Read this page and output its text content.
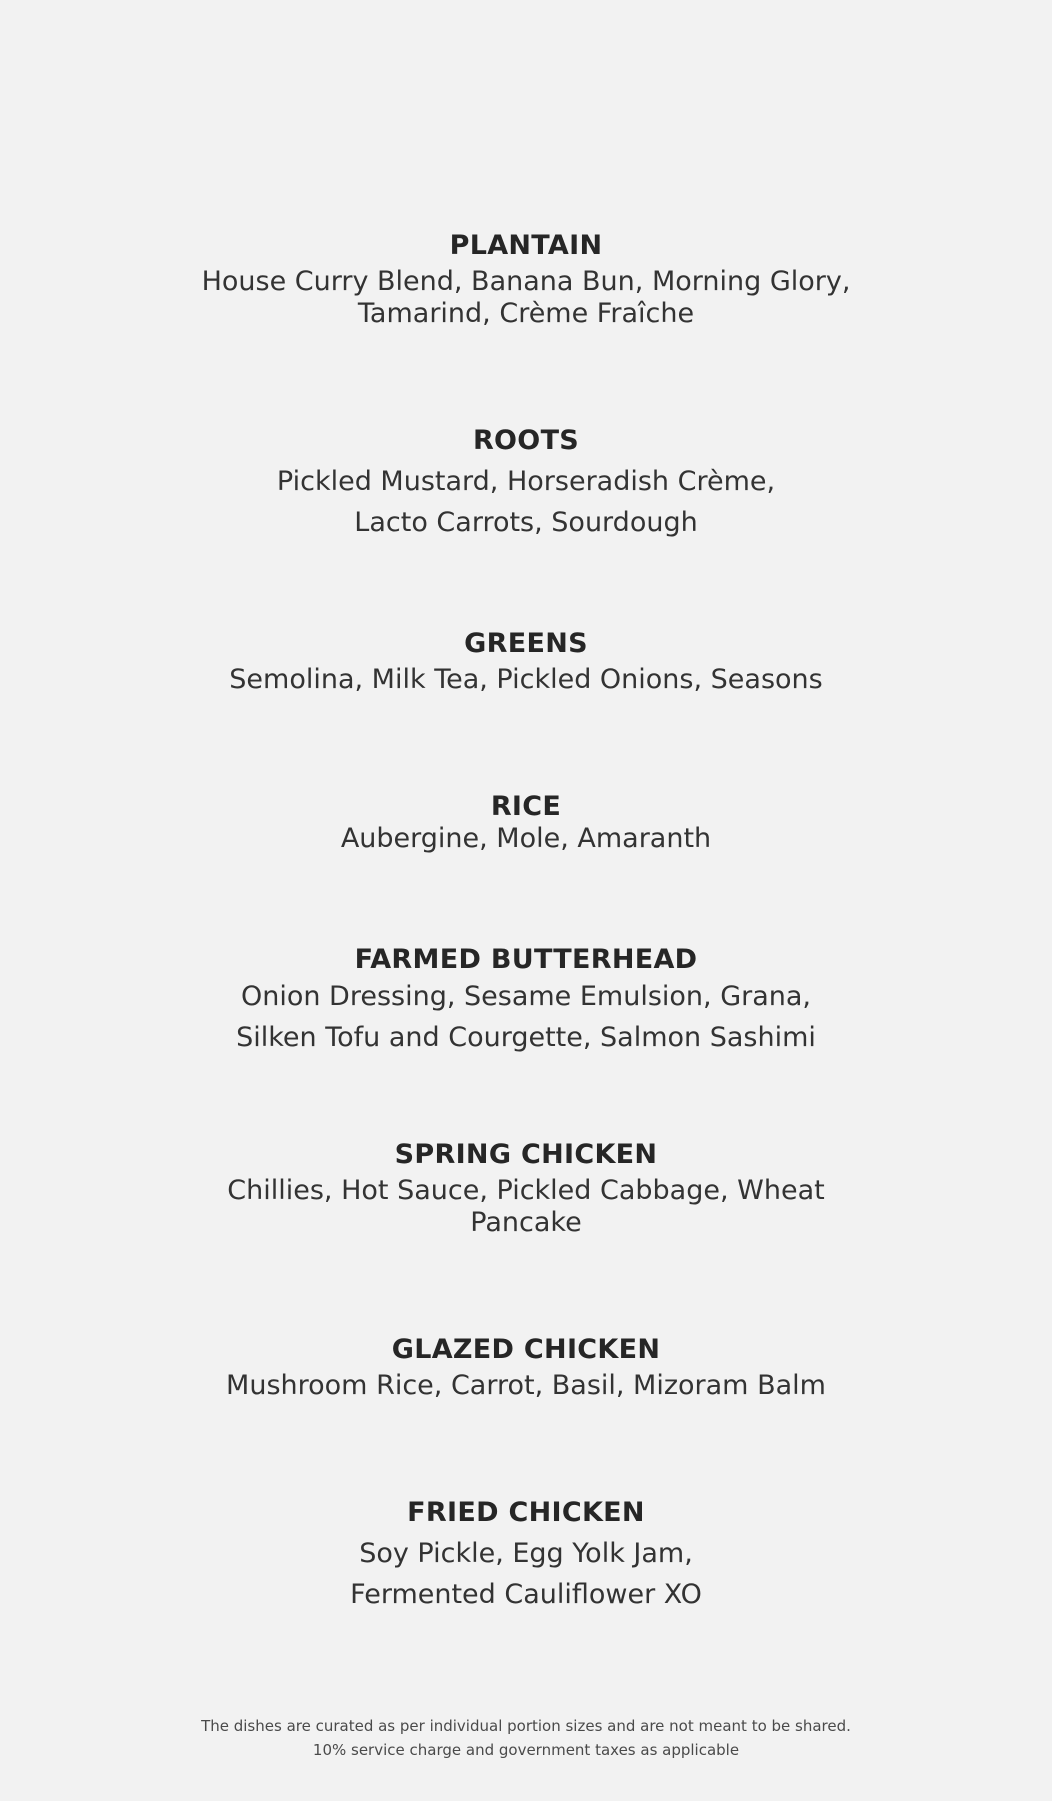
PLANTAIN
House Curry Blend, Banana Bun, Morning Glory,
Tamarind, Crème Fraîche
ROOTS
Pickled Mustard, Horseradish Crème,
Lacto Carrots, Sourdough
GREENS
Semolina, Milk Tea, Pickled Onions, Seasons
RICE
Aubergine, Mole, Amaranth
FARMED BUTTERHEAD
Onion Dressing, Sesame Emulsion, Grana,
Silken Tofu and Courgette, Salmon Sashimi
SPRING CHICKEN
Chillies, Hot Sauce, Pickled Cabbage, Wheat
Pancake
GLAZED CHICKEN
Mushroom Rice, Carrot, Basil, Mizoram Balm
FRIED CHICKEN
Soy Pickle, Egg Yolk Jam,
Fermented Cauliflower XO
The dishes are curated as per individual portion sizes and are not meant to be shared.
10% service charge and government taxes as applicable
